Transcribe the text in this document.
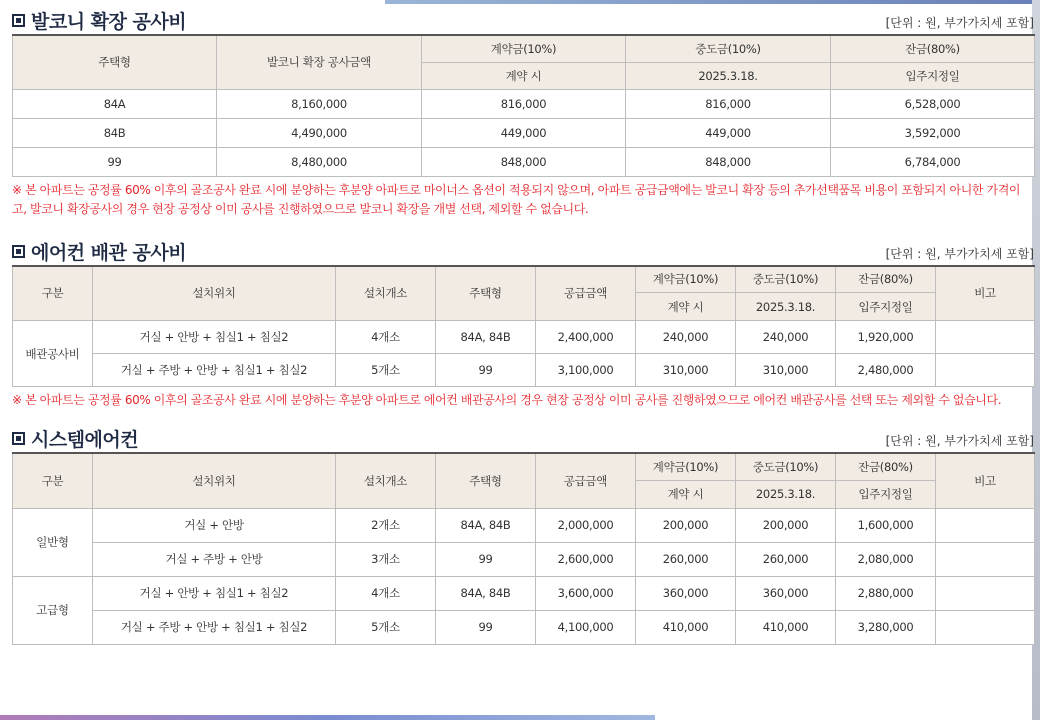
발코니 확장 공사비	[단위 : 원, 부가가치세 포함]
주택형	발코니 확장 공사금액	계약금(10%)	중도금(10%)	잔금(80%)
		계약 시	2025.3.18.	입주지정일
84A	8,160,000	816,000	816,000	6,528,000
84B	4,490,000	449,000	449,000	3,592,000
99	8,480,000	848,000	848,000	6,784,000

※ 본 아파트는 공정률 60% 이후의 골조공사 완료 시에 분양하는 후분양 아파트로 마이너스 옵션이 적용되지 않으며, 아파트 공급금액에는 발코니 확장 등의 추가선택품목 비용이 포함되지 아니한 가격이고, 발코니 확장공사의 경우 현장 공정상 이미 공사를 진행하였으므로 발코니 확장을 개별 선택, 제외할 수 없습니다.

에어컨 배관 공사비	[단위 : 원, 부가가치세 포함]
구분	설치위치	설치개소	주택형	공급금액	계약금(10%)	중도금(10%)	잔금(80%)	비고
					계약 시	2025.3.18.	입주지정일	
배관공사비	거실 + 안방 + 침실1 + 침실2	4개소	84A, 84B	2,400,000	240,000	240,000	1,920,000	
	거실 + 주방 + 안방 + 침실1 + 침실2	5개소	99	3,100,000	310,000	310,000	2,480,000	

※ 본 아파트는 공정률 60% 이후의 골조공사 완료 시에 분양하는 후분양 아파트로 에어컨 배관공사의 경우 현장 공정상 이미 공사를 진행하였으므로 에어컨 배관공사를 선택 또는 제외할 수 없습니다.

시스템에어컨	[단위 : 원, 부가가치세 포함]
구분	설치위치	설치개소	주택형	공급금액	계약금(10%)	중도금(10%)	잔금(80%)	비고
					계약 시	2025.3.18.	입주지정일	
일반형	거실 + 안방	2개소	84A, 84B	2,000,000	200,000	200,000	1,600,000	
	거실 + 주방 + 안방	3개소	99	2,600,000	260,000	260,000	2,080,000	
고급형	거실 + 안방 + 침실1 + 침실2	4개소	84A, 84B	3,600,000	360,000	360,000	2,880,000	
	거실 + 주방 + 안방 + 침실1 + 침실2	5개소	99	4,100,000	410,000	410,000	3,280,000	
